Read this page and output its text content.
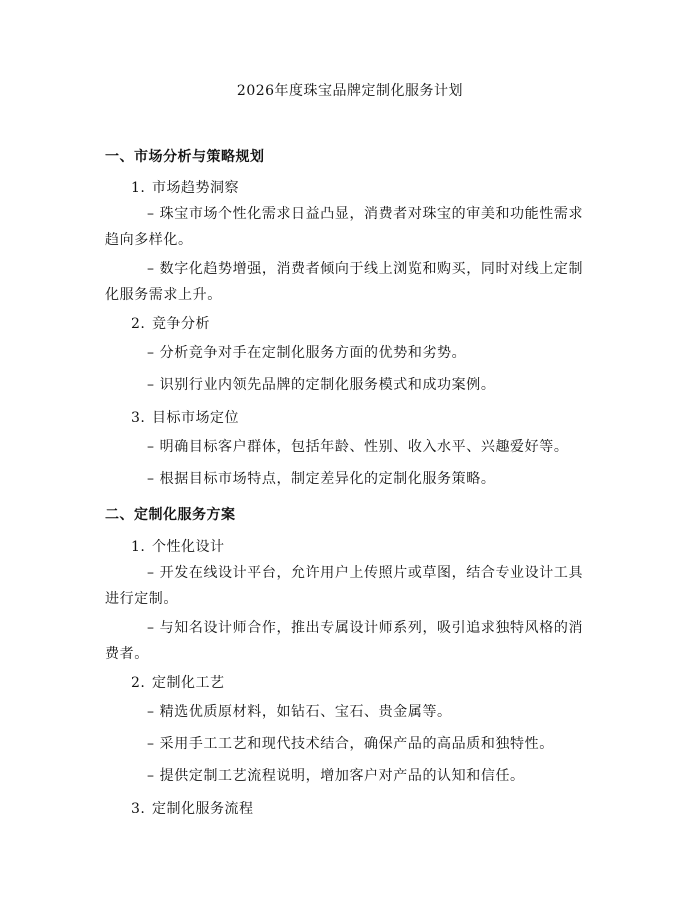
2026年度珠宝品牌定制化服务计划
一、市场分析与策略规划
1. 市场趋势洞察
– 珠宝市场个性化需求日益凸显，消费者对珠宝的审美和功能性需求趋向多样化。
– 数字化趋势增强，消费者倾向于线上浏览和购买，同时对线上定制化服务需求上升。
2. 竞争分析
– 分析竞争对手在定制化服务方面的优势和劣势。
– 识别行业内领先品牌的定制化服务模式和成功案例。
3. 目标市场定位
– 明确目标客户群体，包括年龄、性别、收入水平、兴趣爱好等。
– 根据目标市场特点，制定差异化的定制化服务策略。
二、定制化服务方案
1. 个性化设计
– 开发在线设计平台，允许用户上传照片或草图，结合专业设计工具进行定制。
– 与知名设计师合作，推出专属设计师系列，吸引追求独特风格的消费者。
2. 定制化工艺
– 精选优质原材料，如钻石、宝石、贵金属等。
– 采用手工工艺和现代技术结合，确保产品的高品质和独特性。
– 提供定制工艺流程说明，增加客户对产品的认知和信任。
3. 定制化服务流程
